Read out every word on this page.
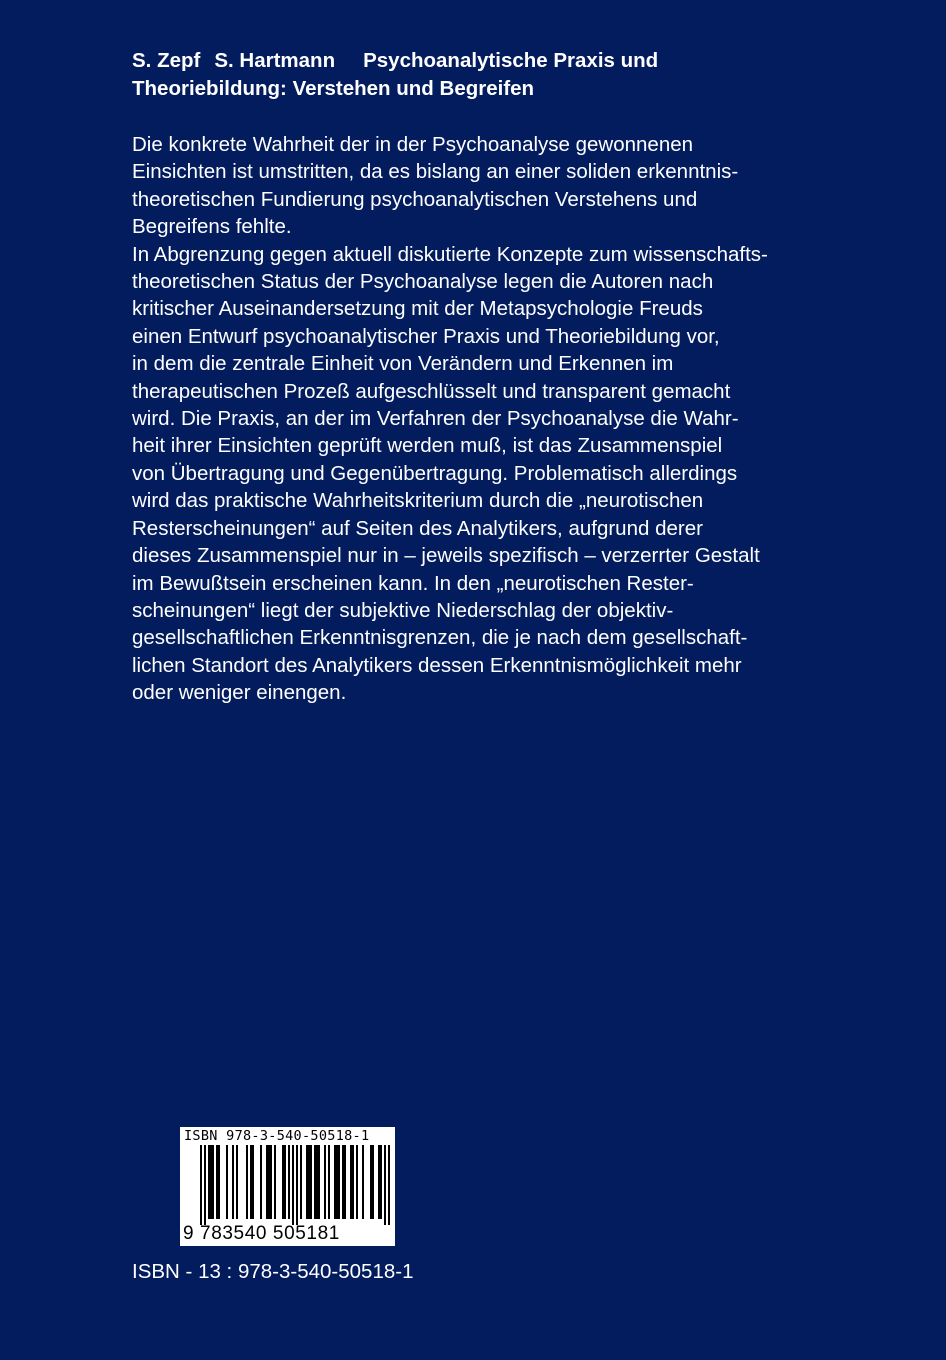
S. Zepf S. Hartmann Psychoanalytische Praxis und
Theoriebildung: Verstehen und Begreifen
Die konkrete Wahrheit der in der Psychoanalyse gewonnenen
Einsichten ist umstritten, da es bislang an einer soliden erkenntnis-
theoretischen Fundierung psychoanalytischen Verstehens und
Begreifens fehlte.
In Abgrenzung gegen aktuell diskutierte Konzepte zum wissenschafts-
theoretischen Status der Psychoanalyse legen die Autoren nach
kritischer Auseinandersetzung mit der Metapsychologie Freuds
einen Entwurf psychoanalytischer Praxis und Theoriebildung vor,
in dem die zentrale Einheit von Verändern und Erkennen im
therapeutischen Prozeß aufgeschlüsselt und transparent gemacht
wird. Die Praxis, an der im Verfahren der Psychoanalyse die Wahr-
heit ihrer Einsichten geprüft werden muß, ist das Zusammenspiel
von Übertragung und Gegenübertragung. Problematisch allerdings
wird das praktische Wahrheitskriterium durch die „neurotischen
Resterscheinungen“ auf Seiten des Analytikers, aufgrund derer
dieses Zusammenspiel nur in – jeweils spezifisch – verzerrter Gestalt
im Bewußtsein erscheinen kann. In den „neurotischen Rester-
scheinungen“ liegt der subjektive Niederschlag der objektiv-
gesellschaftlichen Erkenntnisgrenzen, die je nach dem gesellschaft-
lichen Standort des Analytikers dessen Erkenntnismöglichkeit mehr
oder weniger einengen.
ISBN 978-3-540-50518-1
9 783540 505181
ISBN - 13 : 978-3-540-50518-1
